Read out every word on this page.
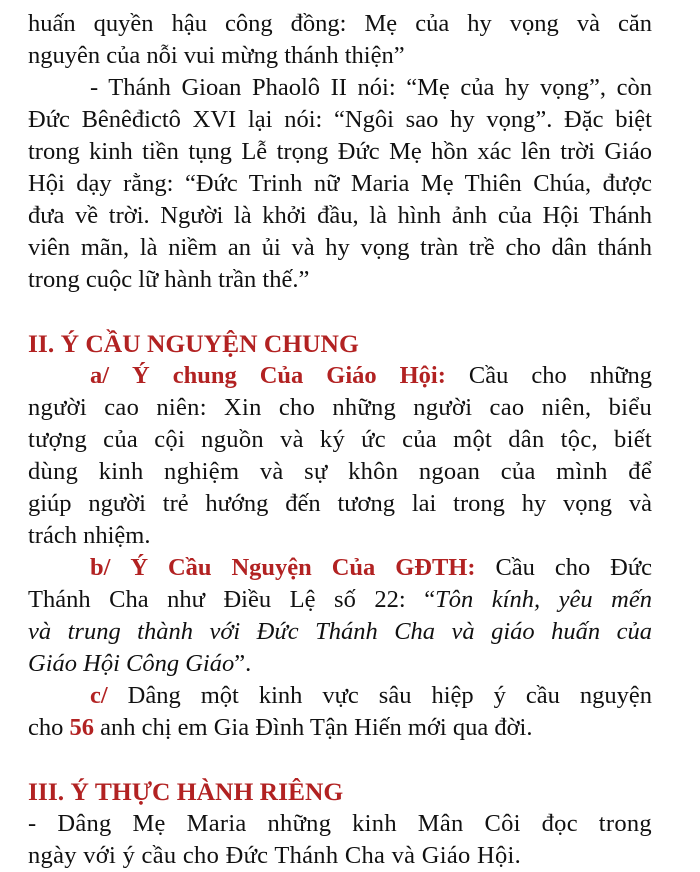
huấn quyền hậu công đồng: Mẹ của hy vọng và căn
nguyên của nỗi vui mừng thánh thiện”
- Thánh Gioan Phaolô II nói: “Mẹ của hy vọng”, còn
Đức Bênêđictô XVI lại nói: “Ngôi sao hy vọng”. Đặc biệt
trong kinh tiền tụng Lễ trọng Đức Mẹ hồn xác lên trời Giáo
Hội dạy rằng: “Đức Trinh nữ Maria Mẹ Thiên Chúa, được
đưa về trời. Người là khởi đầu, là hình ảnh của Hội Thánh
viên mãn, là niềm an ủi và hy vọng tràn trề cho dân thánh
trong cuộc lữ hành trần thế.”
II. Ý CẦU NGUYỆN CHUNG
a/ Ý chung Của Giáo Hội: Cầu cho những
người cao niên: Xin cho những người cao niên, biểu
tượng của cội nguồn và ký ức của một dân tộc, biết
dùng kinh nghiệm và sự khôn ngoan của mình để
giúp người trẻ hướng đến tương lai trong hy vọng và
trách nhiệm.
b/ Ý Cầu Nguyện Của GĐTH: Cầu cho Đức
Thánh Cha như Điều Lệ số 22: “Tôn kính, yêu mến
và trung thành với Đức Thánh Cha và giáo huấn của
Giáo Hội Công Giáo”.
c/ Dâng một kinh vực sâu hiệp ý cầu nguyện
cho 56 anh chị em Gia Đình Tận Hiến mới qua đời.
III. Ý THỰC HÀNH RIÊNG
- Dâng Mẹ Maria những kinh Mân Côi đọc trong
ngày với ý cầu cho Đức Thánh Cha và Giáo Hội.
